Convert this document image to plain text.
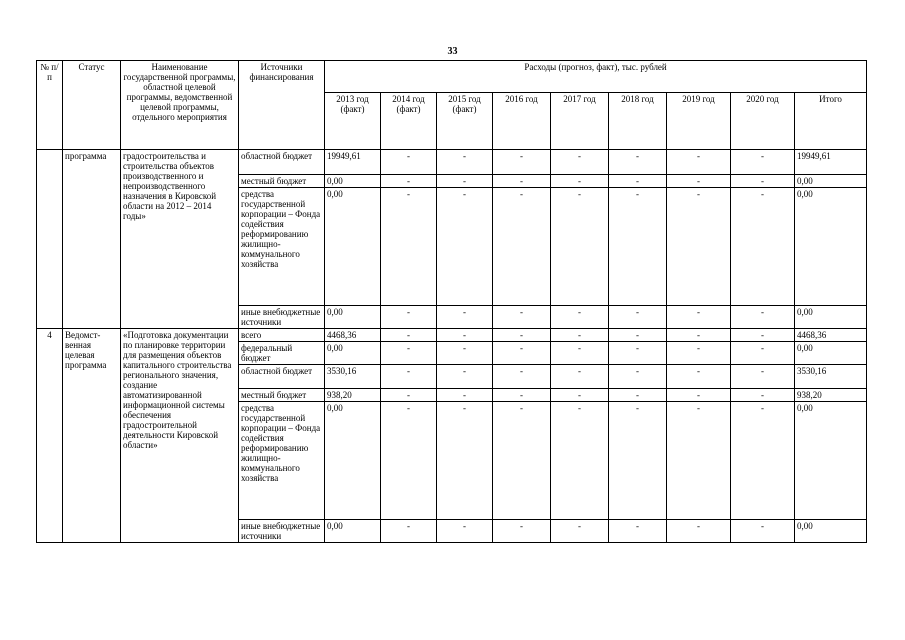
33
№ п/п	Статус	Наименование государственной программы, областной целевой программы, ведомственной целевой программы, отдельного мероприятия	Источники финансирования	Расходы (прогноз, факт), тыс. рублей								
				2013 год (факт)	2014 год (факт)	2015 год (факт)	2016 год	2017 год	2018 год	2019 год	2020 год	Итого
	программа	градостроительства и строительства объектов производственного и непроизводственного назначения в Кировской области на 2012 – 2014 годы»	областной бюджет	19949,61	-	-	-	-	-	-	-	19949,61
			местный бюджет	0,00	-	-	-	-	-	-	-	0,00
			средства государственной корпорации – Фонда содействия реформированию жилищно-коммунального хозяйства	0,00	-	-	-	-	-	-	-	0,00
			иные внебюджетные источники	0,00	-	-	-	-	-	-	-	0,00
4	Ведомст-венная целевая программа	«Подготовка документации по планировке территории для размещения объектов капитального строительства регионального значения, создание автоматизированной информационной системы обеспечения градостроительной деятельности Кировской области»	всего	4468,36	-	-	-	-	-	-	-	4468,36
			федеральный бюджет	0,00	-	-	-	-	-	-	-	0,00
			областной бюджет	3530,16	-	-	-	-	-	-	-	3530,16
			местный бюджет	938,20	-	-	-	-	-	-	-	938,20
			средства государственной корпорации – Фонда содействия реформированию жилищно-коммунального хозяйства	0,00	-	-	-	-	-	-	-	0,00
			иные внебюджетные источники	0,00	-	-	-	-	-	-	-	0,00
